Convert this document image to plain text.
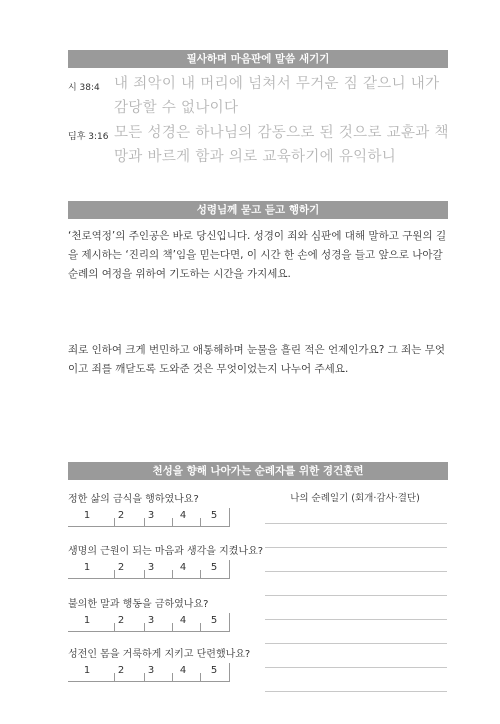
필사하며 마음판에 말씀 새기기
시 38:4 내 죄악이 내 머리에 넘쳐서 무거운 짐 같으니 내가 감당할 수 없나이다
딤후 3:16 모든 성경은 하나님의 감동으로 된 것으로 교훈과 책망과 바르게 함과 의로 교육하기에 유익하니
성령님께 묻고 듣고 행하기
‘천로역정’의 주인공은 바로 당신입니다. 성경이 죄와 심판에 대해 말하고 구원의 길을 제시하는 ‘진리의 책’임을 믿는다면, 이 시간 한 손에 성경을 들고 앞으로 나아갈 순례의 여정을 위하여 기도하는 시간을 가지세요.
죄로 인하여 크게 번민하고 애통해하며 눈물을 흘린 적은 언제인가요? 그 죄는 무엇이고 죄를 깨닫도록 도와준 것은 무엇이었는지 나누어 주세요.
천성을 향해 나아가는 순례자를 위한 경건훈련
정한 삶의 금식을 행하였나요?
1	2 3	4 5
생명의 근원이 되는 마음과 생각을 지켰나요?
1	2 3	4 5
불의한 말과 행동을 금하였나요?
1	2 3	4 5
성전인 몸을 거룩하게 지키고 단련했나요?
1	2 3	4 5
나의 순례일기 (회개·감사·결단)
